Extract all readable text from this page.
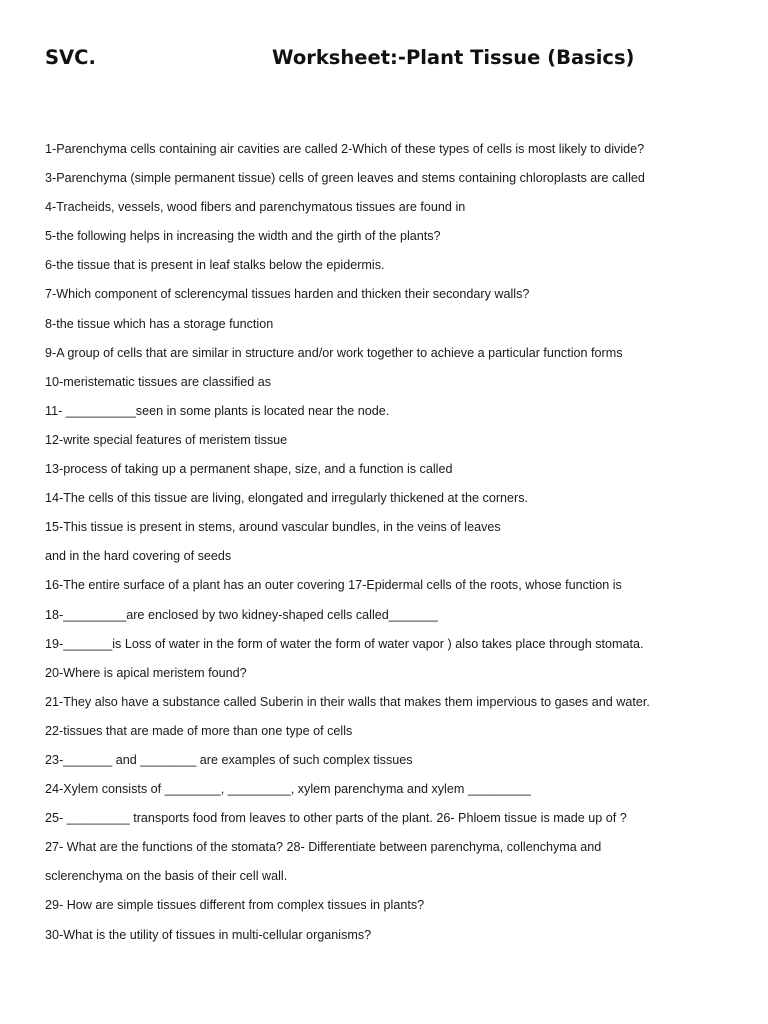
SVC.	Worksheet:-Plant Tissue (Basics)
1-Parenchyma cells containing air cavities are called 2-Which of these types of cells is most likely to divide?
3-Parenchyma (simple permanent tissue) cells of green leaves and stems containing chloroplasts are called
4-Tracheids, vessels, wood fibers and parenchymatous tissues are found in
5-the following helps in increasing the width and the girth of the plants?
6-the tissue that is present in leaf stalks below the epidermis.
7-Which component of sclerencymal tissues harden and thicken their secondary walls?
8-the tissue which has a storage function
9-A group of cells that are similar in structure and/or work together to achieve a particular function forms
10-meristematic tissues are classified as
11- __________seen in some plants is located near the node.
12-write special features of meristem tissue
13-process of taking up a permanent shape, size, and a function is called
14-The cells of this tissue are living, elongated and irregularly thickened at the corners.
15-This tissue is present in stems, around vascular bundles, in the veins of leaves
and in the hard covering of seeds
16-The entire surface of a plant has an outer covering 17-Epidermal cells of the roots, whose function is
18-_________are enclosed by two kidney-shaped cells called_______
19-_______is Loss of water in the form of water the form of water vapor ) also takes place through stomata.
20-Where is apical meristem found?
21-They also have a substance called Suberin in their walls that makes them impervious to gases and water.
22-tissues that are made of more than one type of cells
23-_______ and ________ are examples of such complex tissues
24-Xylem consists of ________, _________, xylem parenchyma and xylem _________
25- _________ transports food from leaves to other parts of the plant. 26- Phloem tissue is made up of ?
27- What are the functions of the stomata? 28- Differentiate between parenchyma, collenchyma and
sclerenchyma on the basis of their cell wall.
29- How are simple tissues different from complex tissues in plants?
30-What is the utility of tissues in multi-cellular organisms?
